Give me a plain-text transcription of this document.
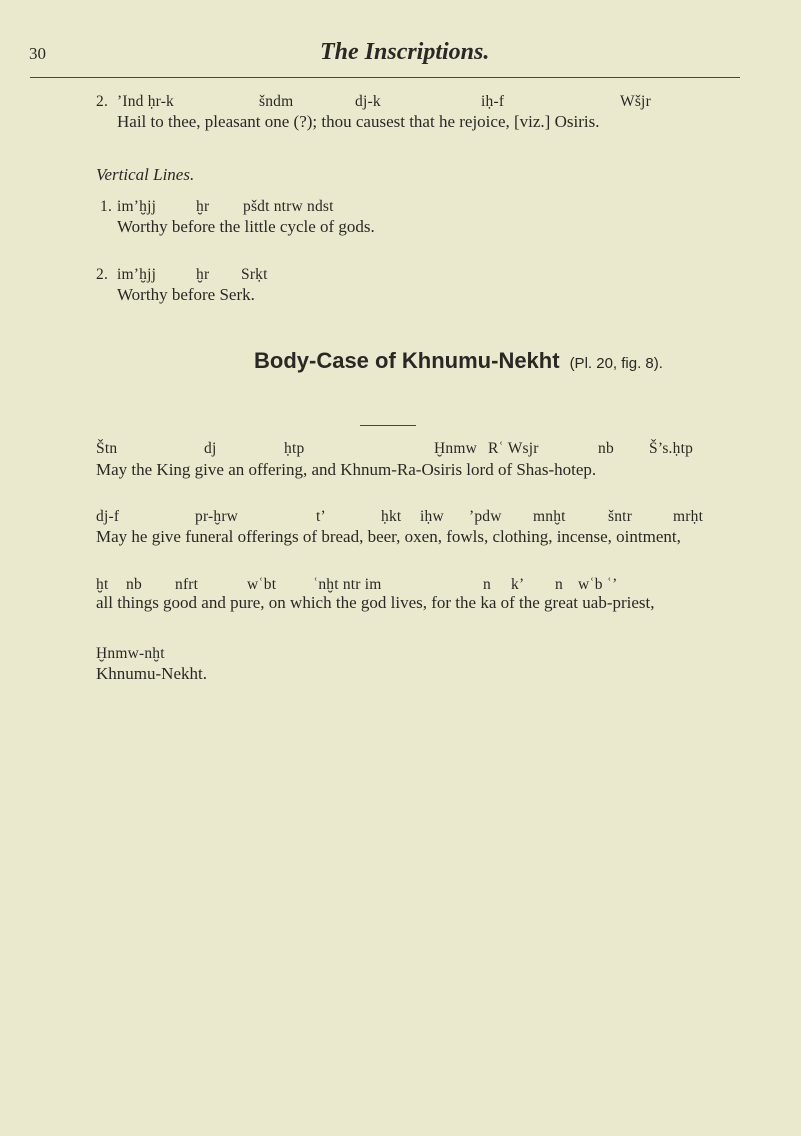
30	The Inscriptions.
2. ’Ind ḥr-k	šndm	dj-k	iḥ-f	Wšjr
Hail to thee, pleasant one (?); thou causest that he rejoice, [viz.] Osiris.
Vertical Lines.
1. im’ḫjj	ḫr pšdt ntrw ndst
Worthy before the little cycle of gods.
2. im’ḫjj	ḫr Srḳt
Worthy before Serk.
Body-Case of Khnumu-Nekht (Pl. 20, fig. 8).
Štn	dj	ḥtp	Ḫnmw Rʿ Wsjr	nb Š’s.ḥtp
May the King give an offering, and Khnum-Ra-Osiris lord of Shas-hotep.
dj-f	pr-ḫrw	t’	ḥkt iḥw ’pdw mnḫt	šntr	mrḥt
May he give funeral offerings of bread, beer, oxen, fowls, clothing, incense, ointment,
ḫt nb nfrt	wʿbt ʿnḫt ntr im	n k’ n wʿb ʿ’
all things good and pure, on which the god lives, for the ka of the great uab-priest,
Ḫnmw-nḫt
Khnumu-Nekht.
